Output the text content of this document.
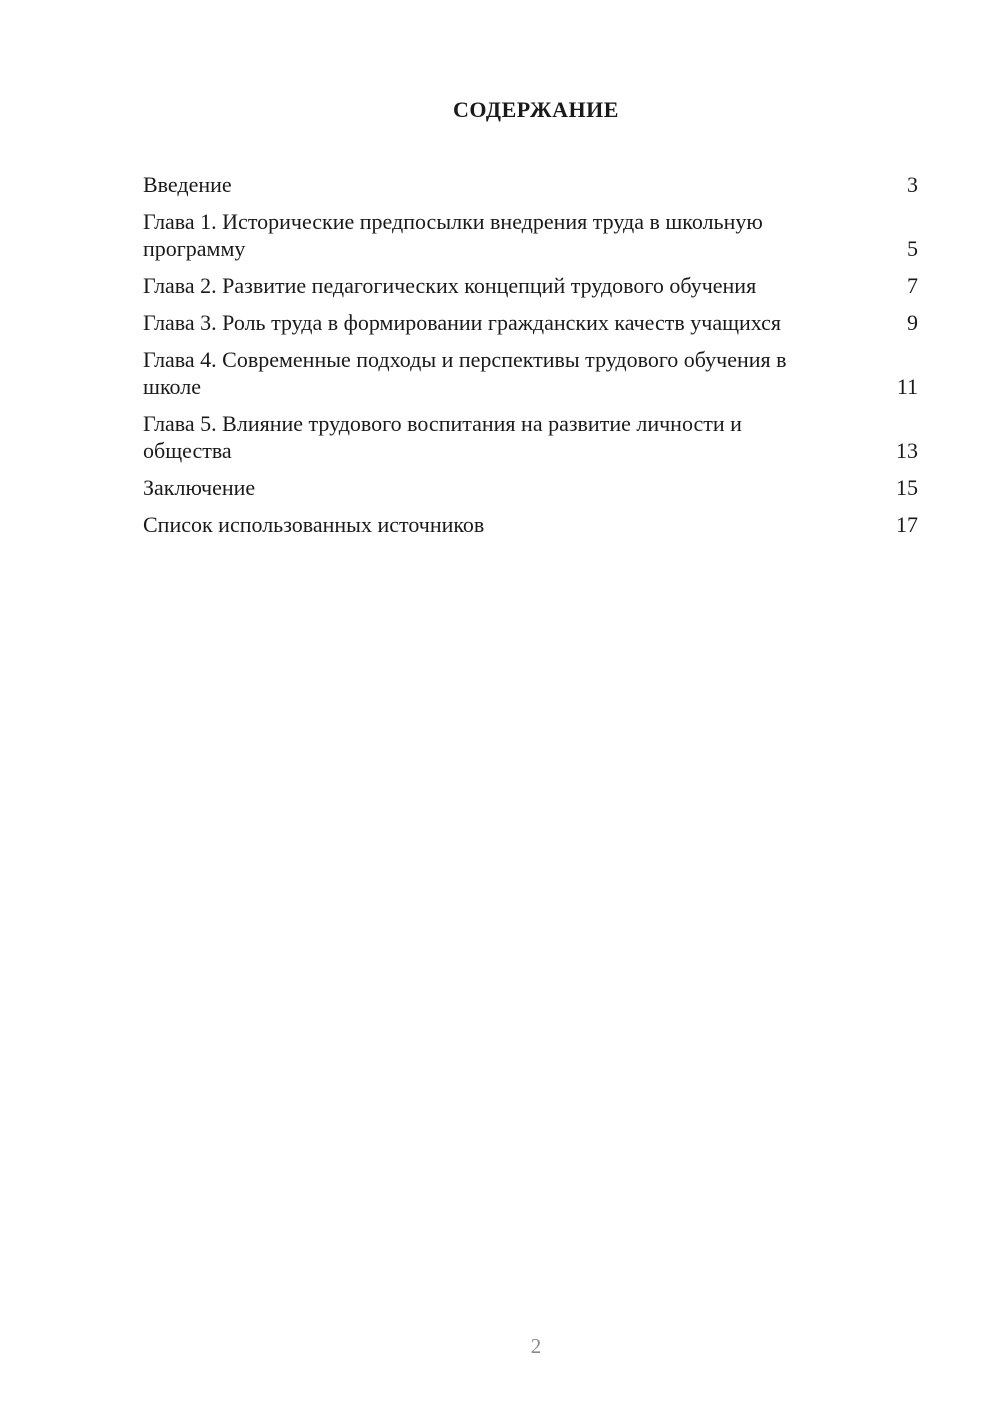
СОДЕРЖАНИЕ
Введение	3
Глава 1. Исторические предпосылки внедрения труда в школьную программу	5
Глава 2. Развитие педагогических концепций трудового обучения	7
Глава 3. Роль труда в формировании гражданских качеств учащихся	9
Глава 4. Современные подходы и перспективы трудового обучения в школе	11
Глава 5. Влияние трудового воспитания на развитие личности и общества	13
Заключение	15
Список использованных источников	17
2
